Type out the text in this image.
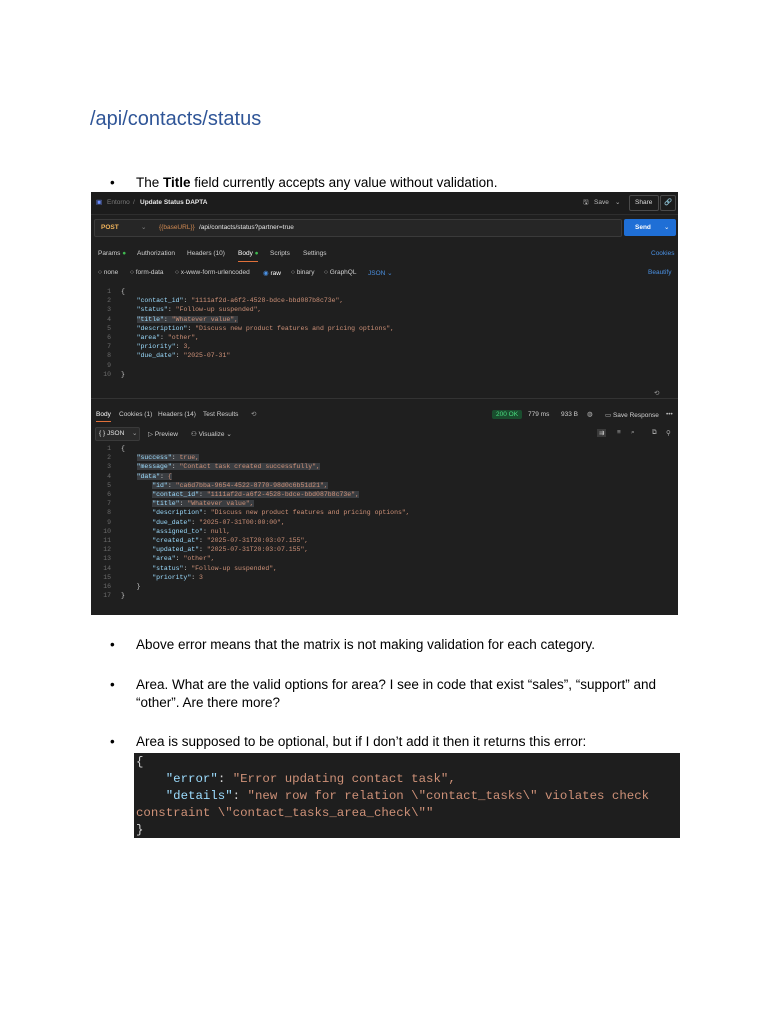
/api/contacts/status
• The Title field currently accepts any value without validation.
▣ Entorno / Update Status DAPTA	🖫 Save ⌄ Share 🔗
POST	⌄ {{baseURL}} /api/contacts/status?partner=true	Send ⌄
Params ● Authorization Headers (10) Body ● Scripts Settings	Cookies
○ none ○ form-data ○ x-www-form-urlencoded ◉ raw ○ binary ○ GraphQL JSON ⌄	Beautify
1 {
2	"contact_id": "1111af2d-a6f2-4528-bdce-bbd087b8c73e",
3	"status": "Follow-up suspended",
4	"title": "Whatever value",
5	"description": "Discuss new product features and pricing options",
6	"area": "other",
7	"priority": 3,
8	"due_date": "2025-07-31"
9
10 }
⟲
Body Cookies (1) Headers (14) Test Results ⟲	200 OK	779 ms 933 B ◍ ▭ Save Response •••
{ } JSON ⌄ ▷ Preview ⚇ Visualize ⌄	⇉	≡ ⌕	⧉ ⚲
1 {
2	"success": true,
3	"message": "Contact task created successfully",
4	"data": {
5	"id": "ca6d7bba-9654-4522-8770-98d0c6b51d21",
6	"contact_id": "1111af2d-a6f2-4528-bdce-bbd087b8c73e",
7	"title": "Whatever value",
8	"description": "Discuss new product features and pricing options",
9	"due_date": "2025-07-31T00:00:00",
10	"assigned_to": null,
11	"created_at": "2025-07-31T20:03:07.155",
12	"updated_at": "2025-07-31T20:03:07.155",
13	"area": "other",
14	"status": "Follow-up suspended",
15	"priority": 3
16    }
17 }
• Above error means that the matrix is not making validation for each category.
• Area. What are the valid options for area? I see in code that exist “sales”, “support” and “other”. Are there more?
• Area is supposed to be optional, but if I don’t add it then it returns this error:
{
"error": "Error updating contact task",
"details": "new row for relation \"contact_tasks\" violates check
constraint \"contact_tasks_area_check\""
}
